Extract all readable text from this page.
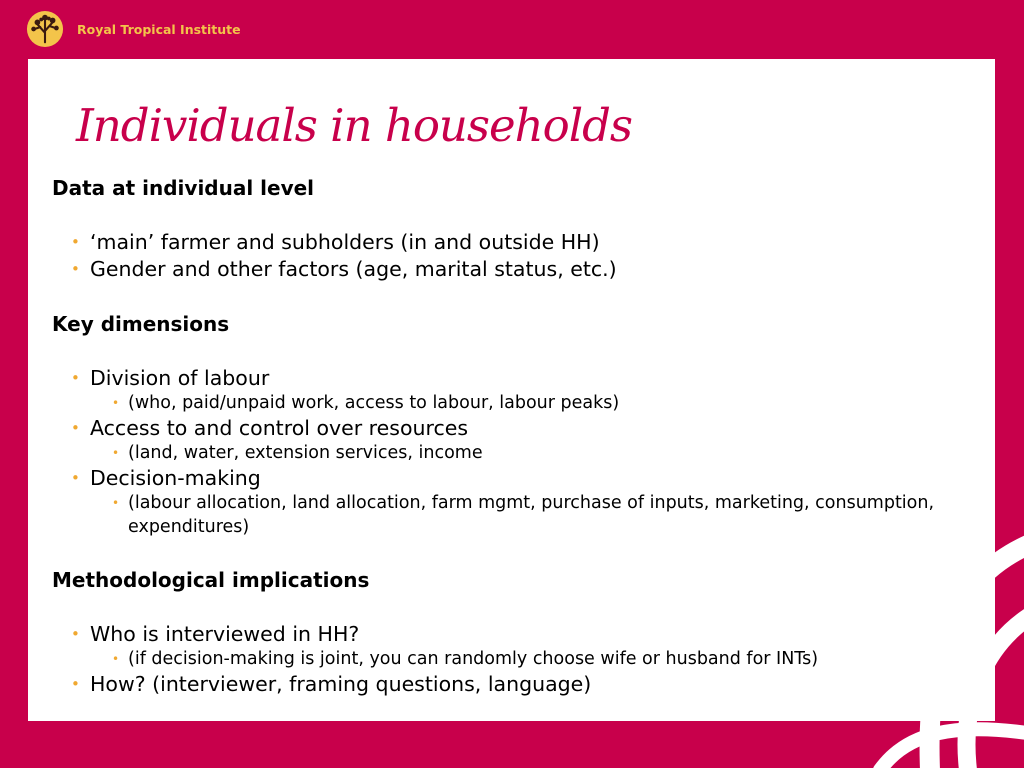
Royal Tropical Institute
Individuals in households

Data at individual level

• ‘main’ farmer and subholders (in and outside HH)

• Gender and other factors (age, marital status, etc.)

Key dimensions

• Division of labour

• (who, paid/unpaid work, access to labour, labour peaks)

• Access to and control over resources

• (land, water, extension services, income

• Decision-making

• (labour allocation, land allocation, farm mgmt, purchase of inputs, marketing, consumption, expenditures)

Methodological implications

• Who is interviewed in HH?

• (if decision-making is joint, you can randomly choose wife or husband for INTs)

• How? (interviewer, framing questions, language)
